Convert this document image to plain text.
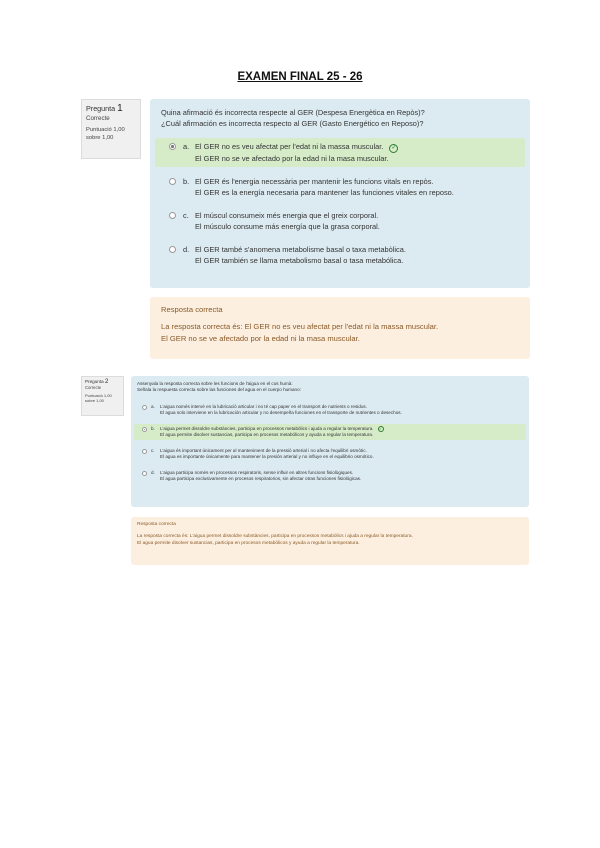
EXAMEN FINAL 25 - 26
Pregunta 1
Correcte
Puntuació 1,00
sobre 1,00
Quina afirmació és incorrecta respecte al GER (Despesa Energètica en Repòs)?
¿Cuál afirmación es incorrecta respecto al GER (Gasto Energético en Reposo)?
a. El GER no es veu afectat per l'edat ni la massa muscular. ✓
El GER no se ve afectado por la edad ni la masa muscular.
b. El GER és l'energia necessària per mantenir les funcions vitals en repòs.
El GER es la energía necesaria para mantener las funciones vitales en reposo.
c. El múscul consumeix més energia que el greix corporal.
El músculo consume más energía que la grasa corporal.
d. El GER també s'anomena metabolisme basal o taxa metabòlica.
El GER también se llama metabolismo basal o tasa metabólica.
Resposta correcta
La resposta correcta és: El GER no es veu afectat per l'edat ni la massa muscular.
El GER no se ve afectado por la edad ni la masa muscular.
Pregunta 2
Correcte
Puntuació 1,00
sobre 1,00
Assenyala la resposta correcta sobre les funcions de l'aigua en el cos humà:
Señala la respuesta correcta sobre las funciones del agua en el cuerpo humano:
a. L'aigua només intervé en la lubricació articular i no té cap paper en el transport de nutrients o residus.
El agua solo interviene en la lubricación articular y no desempeña funciones en el transporte de nutrientes o desechos.
b. L'aigua permet dissoldre substàncies, participa en processos metabòlics i ajuda a regular la temperatura. ✓
El agua permite disolver sustancias, participa en procesos metabólicos y ayuda a regular la temperatura.
c. L'aigua és important únicament per al manteniment de la pressió arterial i no afecta l'equilibri osmòtic.
El agua es importante únicamente para mantener la presión arterial y no influye en el equilibrio osmótico.
d. L'aigua participa només en processos respiratoris, sense influir en altres funcions fisiològiques.
El agua participa exclusivamente en procesos respiratorios, sin afectar otras funciones fisiológicas.
Resposta correcta
La resposta correcta és: L'aigua permet dissoldre substàncies, participa en processos metabòlics i ajuda a regular la temperatura.
El agua permite disolver sustancias, participa en procesos metabólicos y ayuda a regular la temperatura.
